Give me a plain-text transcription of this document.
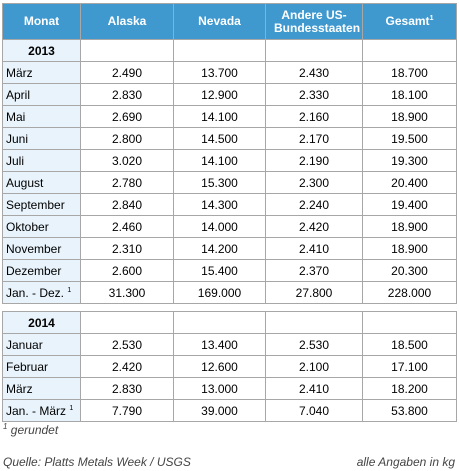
Monat	Alaska	Nevada	Andere US-Bundesstaaten	Gesamt$^1$
2013				
März	2.490	13.700	2.430	18.700
April	2.830	12.900	2.330	18.100
Mai	2.690	14.100	2.160	18.900
Juni	2.800	14.500	2.170	19.500
Juli	3.020	14.100	2.190	19.300
August	2.780	15.300	2.300	20.400
September	2.840	14.300	2.240	19.400
Oktober	2.460	14.000	2.420	18.900
November	2.310	14.200	2.410	18.900
Dezember	2.600	15.400	2.370	20.300
Jan. - Dez. $^1$	31.300	169.000	27.800	228.000

2014				
Januar	2.530	13.400	2.530	18.500
Februar	2.420	12.600	2.100	17.100
März	2.830	13.000	2.410	18.200
Jan. - März $^1$	7.790	39.000	7.040	53.800
$^1$ gerundet
Quelle: Platts Metals Week / USGS	alle Angaben in kg
